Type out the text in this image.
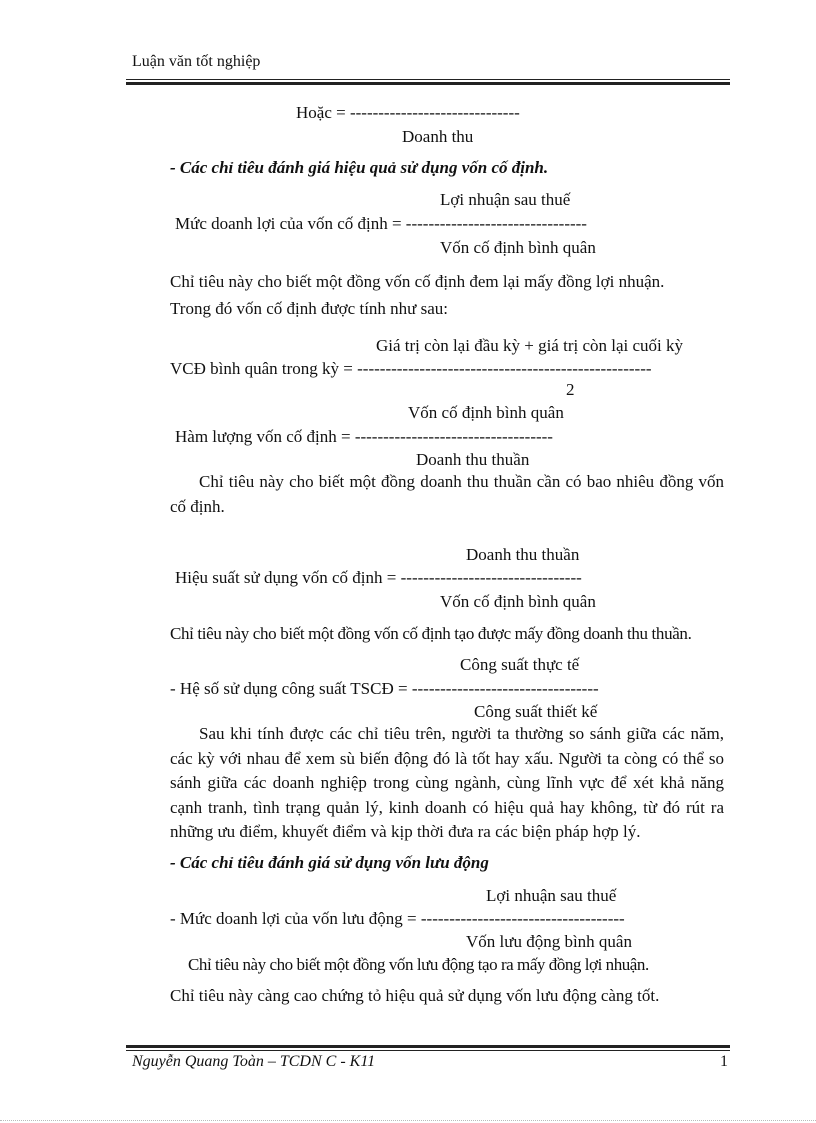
Luận văn tốt nghiệp
Hoặc = ------------------------------
Doanh thu
- Các chỉ tiêu đánh giá hiệu quả sử dụng vốn cố định.
Lợi nhuận sau thuế
Mức doanh lợi của vốn cố định = --------------------------------
Vốn cố định bình quân
Chỉ tiêu này cho biết một đồng vốn cố định đem lại mấy đồng lợi nhuận.
Trong đó vốn cố định được tính như sau:
Giá trị còn lại đầu kỳ + giá trị còn lại cuối kỳ
VCĐ bình quân trong kỳ = ----------------------------------------------------
2
Vốn cố định bình quân
Hàm lượng vốn cố định = -----------------------------------
Doanh thu thuần
Chỉ tiêu này cho biết một đồng doanh thu thuần cần có bao nhiêu đồng vốn cố định.
Doanh thu thuần
Hiệu suất sử dụng vốn cố định = --------------------------------
Vốn cố định bình quân
Chỉ tiêu này cho biết một đồng vốn cố định tạo được mấy đồng doanh thu thuần.
Công suất thực tế
- Hệ số sử dụng công suất TSCĐ = ---------------------------------
Công suất thiết kế
Sau khi tính được các chỉ tiêu trên, người ta thường so sánh giữa các năm, các kỳ với nhau để xem sù biến động đó là tốt hay xấu. Người ta còng có thể so sánh giữa các doanh nghiệp trong cùng ngành, cùng lĩnh vực để xét khả năng cạnh tranh, tình trạng quản lý, kinh doanh có hiệu quả hay không, từ đó rút ra những ưu điểm, khuyết điểm và kịp thời đưa ra các biện pháp hợp lý.
- Các chỉ tiêu đánh giá sử dụng vốn lưu động
Lợi nhuận sau thuế
- Mức doanh lợi của vốn lưu động = ------------------------------------
Vốn lưu động bình quân
Chỉ tiêu này cho biết một đồng vốn lưu động tạo ra mấy đồng lợi nhuận.
Chỉ tiêu này càng cao chứng tỏ hiệu quả sử dụng vốn lưu động càng tốt.
Nguyễn Quang Toàn – TCDN C - K11	1
